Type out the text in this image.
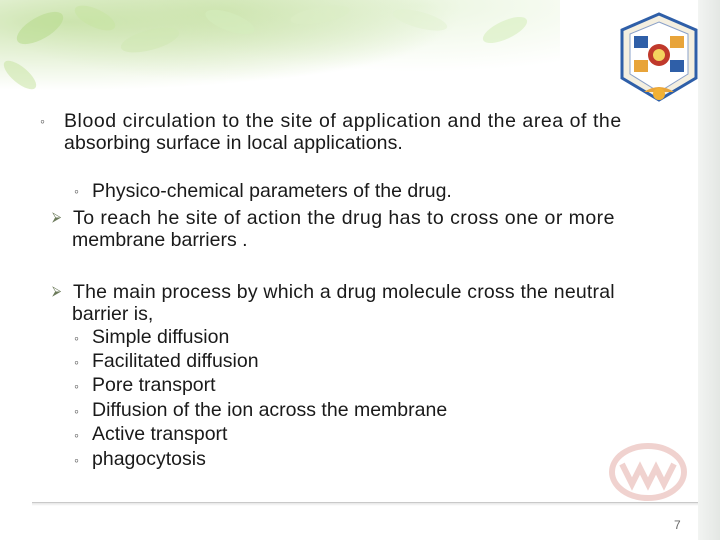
◦ Blood circulation to the site of application and the area of the
absorbing surface in local applications.
◦ Physico-chemical parameters of the drug.
⮚ To reach he site of action the drug has to cross one or more
membrane barriers .
⮚ The main process by which a drug molecule cross the neutral
barrier is,
◦ Simple diffusion
◦ Facilitated diffusion
◦ Pore transport
◦ Diffusion of the ion across the membrane
◦ Active transport
◦ phagocytosis
7
